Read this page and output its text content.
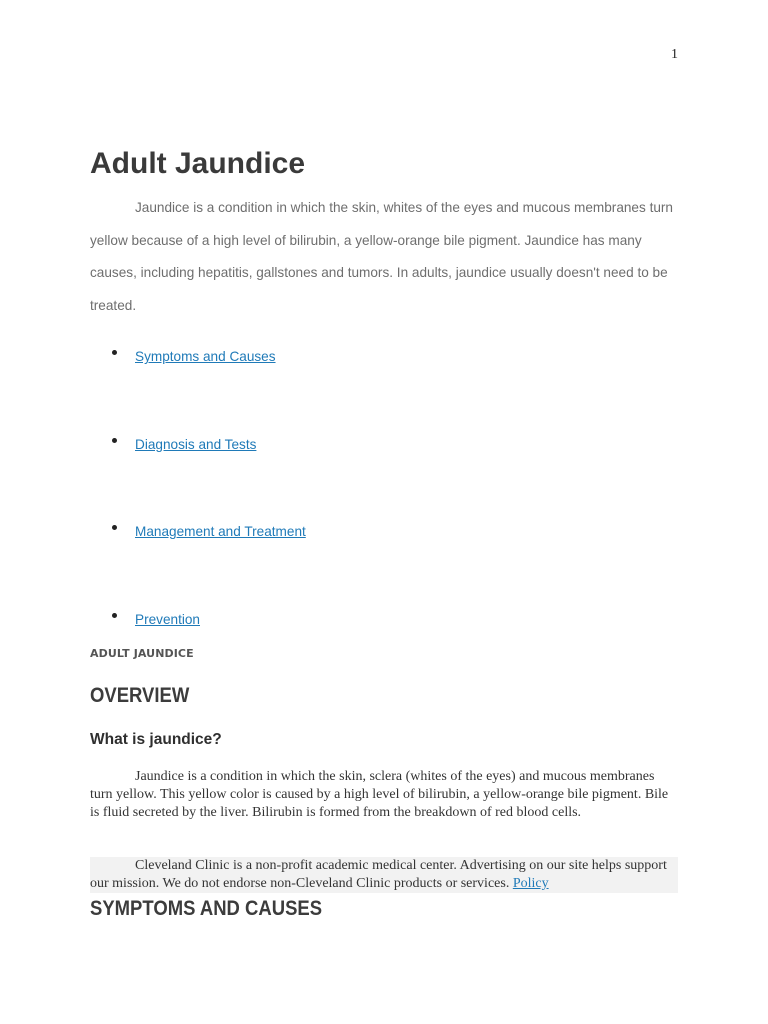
1
Adult Jaundice

Jaundice is a condition in which the skin, whites of the eyes and mucous membranes turn yellow because of a high level of bilirubin, a yellow-orange bile pigment. Jaundice has many causes, including hepatitis, gallstones and tumors. In adults, jaundice usually doesn't need to be treated.

Symptoms and Causes
Diagnosis and Tests
Management and Treatment
Prevention
ADULT JAUNDICE
OVERVIEW
What is jaundice?

Jaundice is a condition in which the skin, sclera (whites of the eyes) and mucous membranes turn yellow. This yellow color is caused by a high level of bilirubin, a yellow-orange bile pigment. Bile is fluid secreted by the liver. Bilirubin is formed from the breakdown of red blood cells.

Cleveland Clinic is a non-profit academic medical center. Advertising on our site helps support our mission. We do not endorse non-Cleveland Clinic products or services. Policy

SYMPTOMS AND CAUSES
